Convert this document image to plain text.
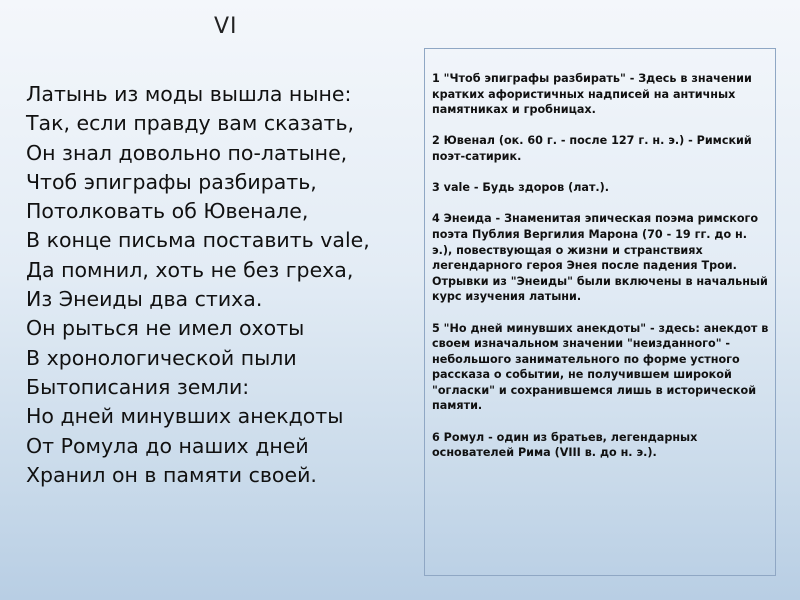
VI
Латынь из моды вышла ныне:
Так, если правду вам сказать,
Он знал довольно по-латыне,
Чтоб эпиграфы разбирать,
Потолковать об Ювенале,
В конце письма поставить vale,
Да помнил, хоть не без греха,
Из Энеиды два стиха.
Он рыться не имел охоты
В хронологической пыли
Бытописания земли:
Но дней минувших анекдоты
От Ромула до наших дней
Хранил он в памяти своей.
1 "Чтоб эпиграфы разбирать" - Здесь в значении кратких афористичных надписей на античных памятниках и гробницах.
2 Ювенал (ок. 60 г. - после 127 г. н. э.) - Римский поэт-сатирик.
3 vale - Будь здоров (лат.).
4 Энеида - Знаменитая эпическая поэма римского поэта Публия Вергилия Марона (70 - 19 гг. до н. э.), повествующая о жизни и странствиях легендарного героя Энея после падения Трои. Отрывки из "Энеиды" были включены в начальный курс изучения латыни.
5 "Но дней минувших анекдоты" - здесь: анекдот в своем изначальном значении "неизданного" - небольшого занимательного по форме устного рассказа о событии, не получившем широкой "огласки" и сохранившемся лишь в исторической памяти.
6 Ромул - один из братьев, легендарных основателей Рима (VIII в. до н. э.).
